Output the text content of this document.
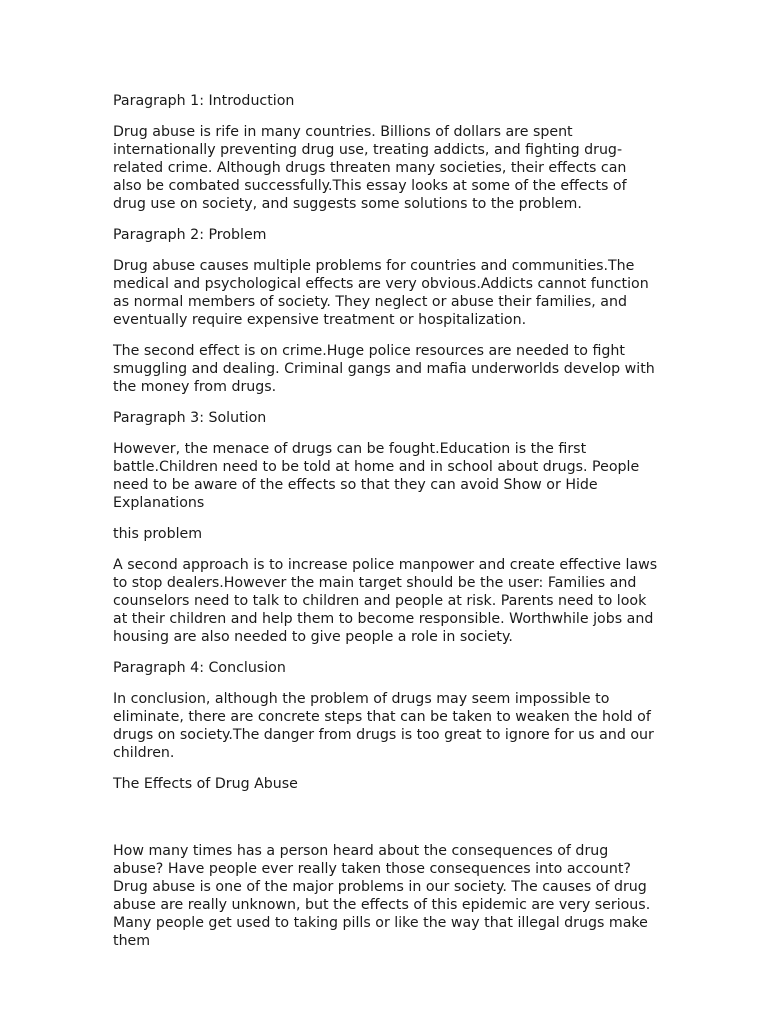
Paragraph 1: Introduction

Drug abuse is rife in many countries. Billions of dollars are spent internationally preventing drug use, treating addicts, and fighting drug-related crime. Although drugs threaten many societies, their effects can also be combated successfully.This essay looks at some of the effects of drug use on society, and suggests some solutions to the problem.

Paragraph 2: Problem

Drug abuse causes multiple problems for countries and communities.The medical and psychological effects are very obvious.Addicts cannot function as normal members of society. They neglect or abuse their families, and eventually require expensive treatment or hospitalization.

The second effect is on crime.Huge police resources are needed to fight smuggling and dealing. Criminal gangs and mafia underworlds develop with the money from drugs.

Paragraph 3: Solution

However, the menace of drugs can be fought.Education is the first battle.Children need to be told at home and in school about drugs. People need to be aware of the effects so that they can avoid Show or Hide Explanations

this problem

A second approach is to increase police manpower and create effective laws to stop dealers.However the main target should be the user: Families and counselors need to talk to children and people at risk. Parents need to look at their children and help them to become responsible. Worthwhile jobs and housing are also needed to give people a role in society.

Paragraph 4: Conclusion

In conclusion, although the problem of drugs may seem impossible to eliminate, there are concrete steps that can be taken to weaken the hold of drugs on society.The danger from drugs is too great to ignore for us and our children.

The Effects of Drug Abuse

How many times has a person heard about the consequences of drug abuse? Have people ever really taken those consequences into account? Drug abuse is one of the major problems in our society. The causes of drug abuse are really unknown, but the effects of this epidemic are very serious. Many people get used to taking pills or like the way that illegal drugs make them
